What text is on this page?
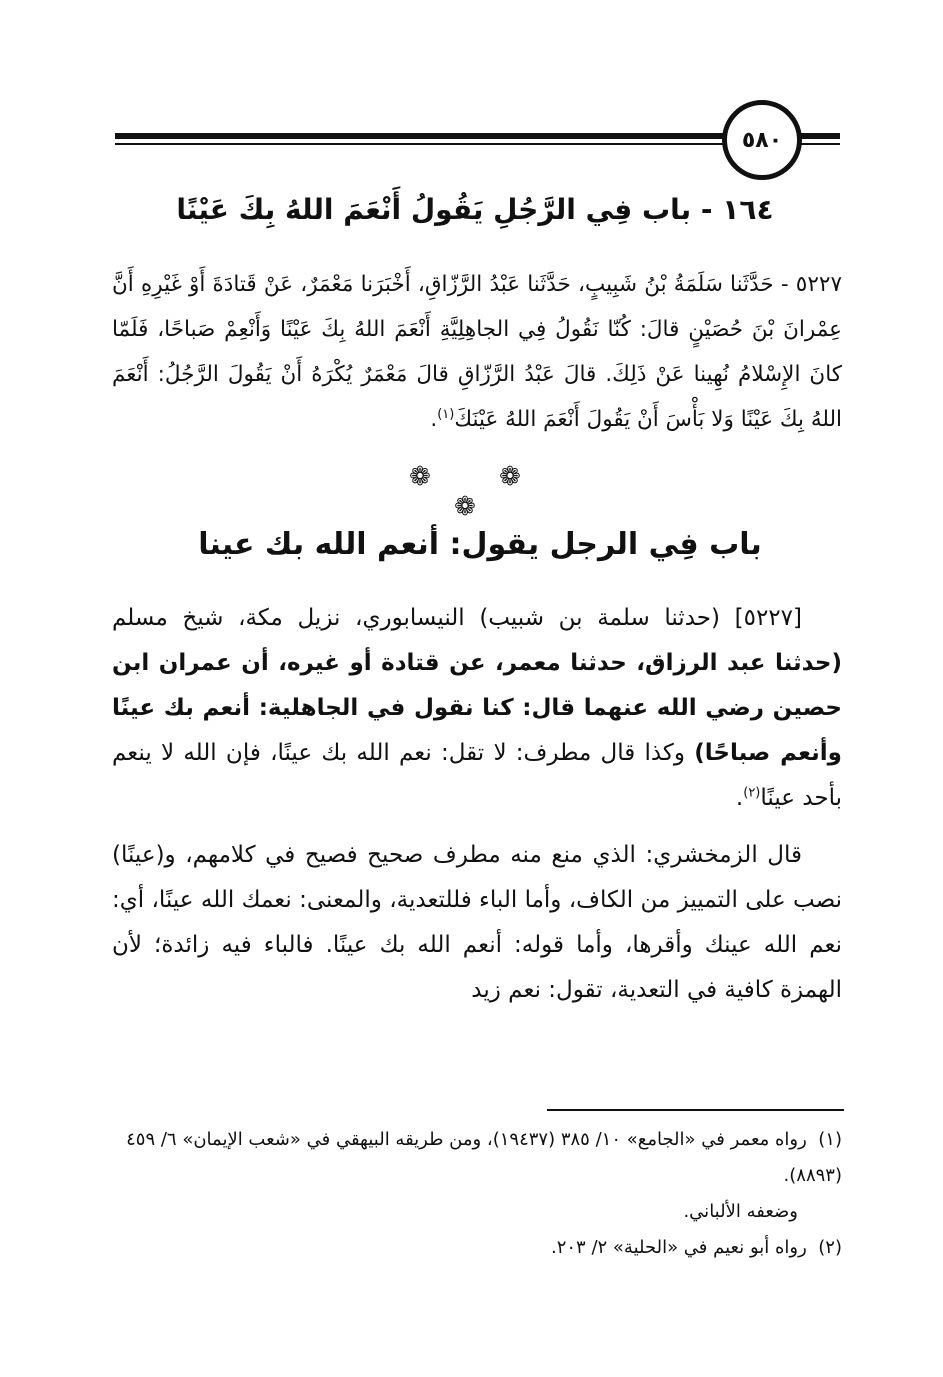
٥٨٠
١٦٤ - باب فِي الرَّجُلِ يَقُولُ أَنْعَمَ اللهُ بِكَ عَيْنًا
٥٢٢٧ - حَدَّثَنا سَلَمَةُ بْنُ شَبِيبٍ، حَدَّثَنا عَبْدُ الرَّزّاقِ، أَخْبَرَنا مَعْمَرٌ، عَنْ قَتادَةَ أَوْ غَيْرِهِ أَنَّ عِمْرانَ بْنَ حُصَيْنٍ قالَ: كُنّا نَقُولُ فِي الجاهِلِيَّةِ أَنْعَمَ اللهُ بِكَ عَيْنًا وَأَنْعِمْ صَباحًا، فَلَمّا كانَ الإِسْلامُ نُهِينا عَنْ ذَلِكَ. قالَ عَبْدُ الرَّزّاقِ قالَ مَعْمَرٌ يُكْرَهُ أَنْ يَقُولَ الرَّجُلُ: أَنْعَمَ اللهُ بِكَ عَيْنًا وَلا بَأْسَ أَنْ يَقُولَ أَنْعَمَ اللهُ عَيْنَكَ$^{(١)}$.
❁ ❁ ❁
باب فِي الرجل يقول: أنعم الله بك عينا

[٥٢٢٧] (حدثنا سلمة بن شبيب) النيسابوري، نزيل مكة، شيخ مسلم (حدثنا عبد الرزاق، حدثنا معمر، عن قتادة أو غيره، أن عمران ابن حصين رضي الله عنهما قال: كنا نقول في الجاهلية: أنعم بك عينًا وأنعم صباحًا) وكذا قال مطرف: لا تقل: نعم الله بك عينًا، فإن الله لا ينعم بأحد عينًا$^{(٢)}$.

قال الزمخشري: الذي منع منه مطرف صحيح فصيح في كلامهم، و(عينًا) نصب على التمييز من الكاف، وأما الباء فللتعدية، والمعنى: نعمك الله عينًا، أي: نعم الله عينك وأقرها، وأما قوله: أنعم الله بك عينًا. فالباء فيه زائدة؛ لأن الهمزة كافية في التعدية، تقول: نعم زيد

(١)  رواه معمر في «الجامع» ١٠/ ٣٨٥ (١٩٤٣٧)، ومن طريقه البيهقي في «شعب الإيمان» ٦/ ٤٥٩ (٨٨٩٣).

وضعفه الألباني.

(٢)  رواه أبو نعيم في «الحلية» ٢/ ٢٠٣.
